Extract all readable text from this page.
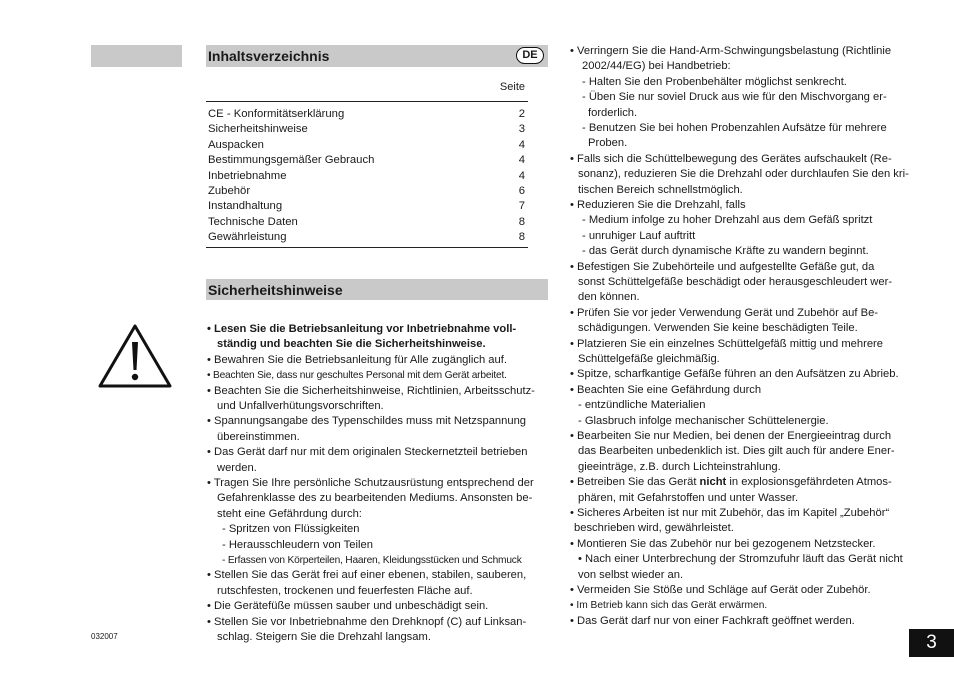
Inhaltsverzeichnis	DE
Seite
CE - Konformitätserklärung	2
Sicherheitshinweise	3
Auspacken	4
Bestimmungsgemäßer Gebrauch	4
Inbetriebnahme	4
Zubehör	6
Instandhaltung	7
Technische Daten	8
Gewährleistung	8
Sicherheitshinweise
• Lesen Sie die Betriebsanleitung vor Inbetriebnahme voll-
ständig und beachten Sie die Sicherheitshinweise.
• Bewahren Sie die Betriebsanleitung für Alle zugänglich auf.
• Beachten Sie, dass nur geschultes Personal mit dem Gerät arbeitet.
• Beachten Sie die Sicherheitshinweise, Richtlinien, Arbeitsschutz-
und Unfallverhütungsvorschriften.
• Spannungsangabe des Typenschildes muss mit Netzspannung
übereinstimmen.
• Das Gerät darf nur mit dem originalen Steckernetzteil betrieben
werden.
• Tragen Sie Ihre persönliche Schutzausrüstung entsprechend der
Gefahrenklasse des zu bearbeitenden Mediums. Ansonsten be-
steht eine Gefährdung durch:
- Spritzen von Flüssigkeiten
- Herausschleudern von Teilen
- Erfassen von Körperteilen, Haaren, Kleidungsstücken und Schmuck
• Stellen Sie das Gerät frei auf einer ebenen, stabilen, sauberen,
rutschfesten, trockenen und feuerfesten Fläche auf.
• Die Gerätefüße müssen sauber und unbeschädigt sein.
• Stellen Sie vor Inbetriebnahme den Drehknopf (C) auf Linksan-
schlag. Steigern Sie die Drehzahl langsam.
• Verringern Sie die Hand-Arm-Schwingungsbelastung (Richtlinie
2002/44/EG) bei Handbetrieb:
- Halten Sie den Probenbehälter möglichst senkrecht.
- Üben Sie nur soviel Druck aus wie für den Mischvorgang er-
forderlich.
- Benutzen Sie bei hohen Probenzahlen Aufsätze für mehrere
Proben.
• Falls sich die Schüttelbewegung des Gerätes aufschaukelt (Re-
sonanz), reduzieren Sie die Drehzahl oder durchlaufen Sie den kri-
tischen Bereich schnellstmöglich.
• Reduzieren Sie die Drehzahl, falls
- Medium infolge zu hoher Drehzahl aus dem Gefäß spritzt
- unruhiger Lauf auftritt
- das Gerät durch dynamische Kräfte zu wandern beginnt.
• Befestigen Sie Zubehörteile und aufgestellte Gefäße gut, da
sonst Schüttelgefäße beschädigt oder herausgeschleudert wer-
den können.
• Prüfen Sie vor jeder Verwendung Gerät und Zubehör auf Be-
schädigungen. Verwenden Sie keine beschädigten Teile.
• Platzieren Sie ein einzelnes Schüttelgefäß mittig und mehrere
Schüttelgefäße gleichmäßig.
• Spitze, scharfkantige Gefäße führen an den Aufsätzen zu Abrieb.
• Beachten Sie eine Gefährdung durch
- entzündliche Materialien
- Glasbruch infolge mechanischer Schüttelenergie.
• Bearbeiten Sie nur Medien, bei denen der Energieeintrag durch
das Bearbeiten unbedenklich ist. Dies gilt auch für andere Ener-
gieeinträge, z.B. durch Lichteinstrahlung.
• Betreiben Sie das Gerät nicht in explosionsgefährdeten Atmos-
phären, mit Gefahrstoffen und unter Wasser.
• Sicheres Arbeiten ist nur mit Zubehör, das im Kapitel „Zubehör“
beschrieben wird, gewährleistet.
• Montieren Sie das Zubehör nur bei gezogenem Netzstecker.
• Nach einer Unterbrechung der Stromzufuhr läuft das Gerät nicht
von selbst wieder an.
• Vermeiden Sie Stöße und Schläge auf Gerät oder Zubehör.
• Im Betrieb kann sich das Gerät erwärmen.
• Das Gerät darf nur von einer Fachkraft geöffnet werden.
032007	3
